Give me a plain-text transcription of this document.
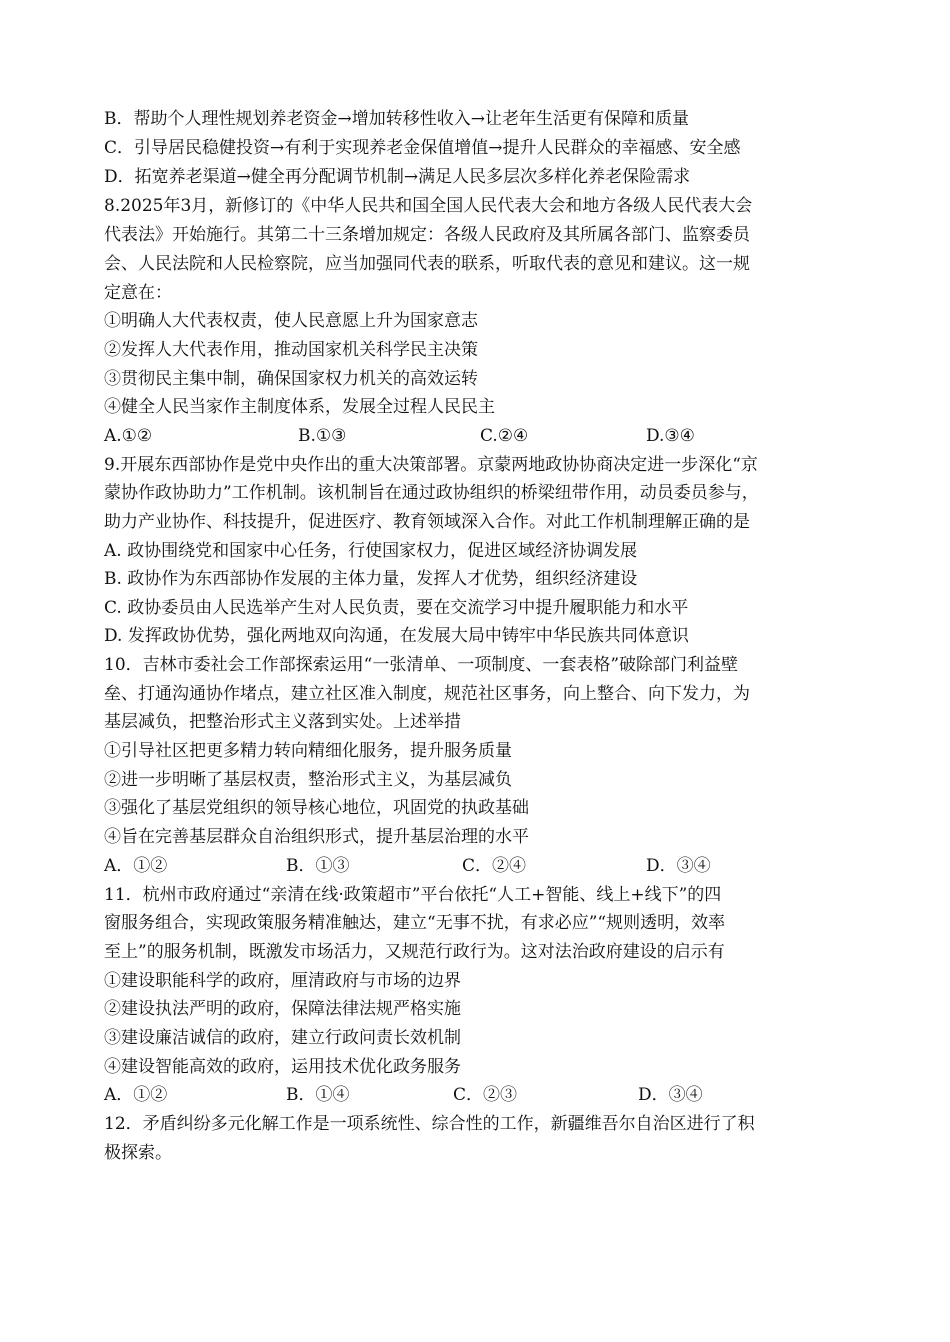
B．帮助个人理性规划养老资金→增加转移性收入→让老年生活更有保障和质量
C．引导居民稳健投资→有利于实现养老金保值增值→提升人民群众的幸福感、安全感
D．拓宽养老渠道→健全再分配调节机制→满足人民多层次多样化养老保险需求
8.2025年3月，新修订的《中华人民共和国全国人民代表大会和地方各级人民代表大会
代表法》开始施行。其第二十三条增加规定：各级人民政府及其所属各部门、监察委员
会、人民法院和人民检察院，应当加强同代表的联系，听取代表的意见和建议。这一规
定意在：
①明确人大代表权责，使人民意愿上升为国家意志
②发挥人大代表作用，推动国家机关科学民主决策
③贯彻民主集中制，确保国家权力机关的高效运转
④健全人民当家作主制度体系，发展全过程人民民主
A.①②	B.①③	C.②④	D.③④
9.开展东西部协作是党中央作出的重大决策部署。京蒙两地政协协商决定进一步深化“京
蒙协作政协助力”工作机制。该机制旨在通过政协组织的桥梁纽带作用，动员委员参与，
助力产业协作、科技提升，促进医疗、教育领域深入合作。对此工作机制理解正确的是
A. 政协围绕党和国家中心任务，行使国家权力，促进区域经济协调发展
B. 政协作为东西部协作发展的主体力量，发挥人才优势，组织经济建设
C. 政协委员由人民选举产生对人民负责，要在交流学习中提升履职能力和水平
D. 发挥政协优势，强化两地双向沟通，在发展大局中铸牢中华民族共同体意识
10．吉林市委社会工作部探索运用“一张清单、一项制度、一套表格”破除部门利益壁
垒、打通沟通协作堵点，建立社区准入制度，规范社区事务，向上整合、向下发力，为
基层减负，把整治形式主义落到实处。上述举措
①引导社区把更多精力转向精细化服务，提升服务质量
②进一步明晰了基层权责，整治形式主义，为基层减负
③强化了基层党组织的领导核心地位，巩固党的执政基础
④旨在完善基层群众自治组织形式，提升基层治理的水平
A．①②	B．①③	C．②④	D．③④
11．杭州市政府通过“亲清在线·政策超市”平台依托“人工+智能、线上+线下”的四
窗服务组合，实现政策服务精准触达，建立“无事不扰，有求必应”“规则透明，效率
至上”的服务机制，既激发市场活力，又规范行政行为。这对法治政府建设的启示有
①建设职能科学的政府，厘清政府与市场的边界
②建设执法严明的政府，保障法律法规严格实施
③建设廉洁诚信的政府，建立行政问责长效机制
④建设智能高效的政府，运用技术优化政务服务
A．①②	B．①④	C．②③	D．③④
12．矛盾纠纷多元化解工作是一项系统性、综合性的工作，新疆维吾尔自治区进行了积
极探索。
